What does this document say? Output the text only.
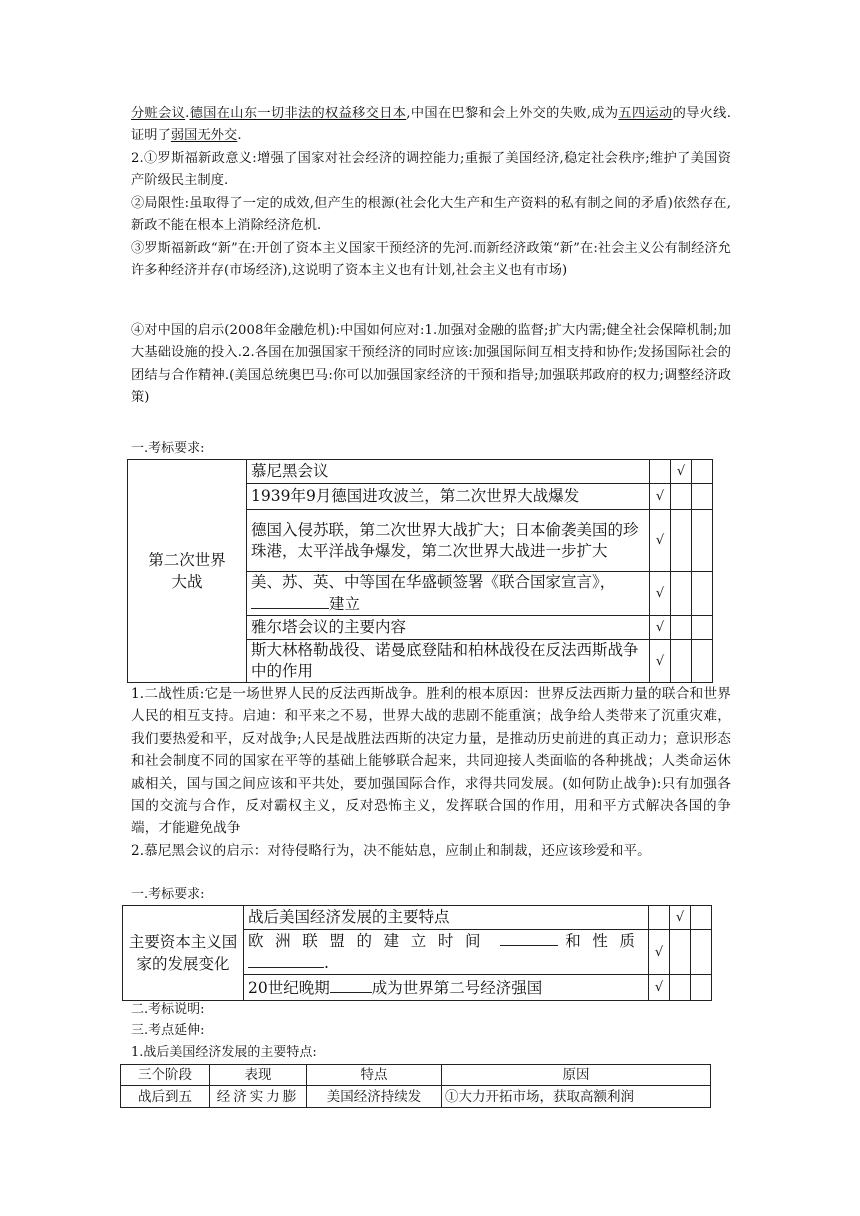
分赃会议.德国在山东一切非法的权益移交日本,中国在巴黎和会上外交的失败,成为五四运动的导火线.证明了弱国无外交.

2.①罗斯福新政意义:增强了国家对社会经济的调控能力;重振了美国经济,稳定社会秩序;维护了美国资产阶级民主制度.

②局限性:虽取得了一定的成效,但产生的根源(社会化大生产和生产资料的私有制之间的矛盾)依然存在,新政不能在根本上消除经济危机.

③罗斯福新政“新”在:开创了资本主义国家干预经济的先河.而新经济政策“新”在:社会主义公有制经济允许多种经济并存(市场经济),这说明了资本主义也有计划,社会主义也有市场)

④对中国的启示(2008年金融危机):中国如何应对:1.加强对金融的监督;扩大内需;健全社会保障机制;加大基础设施的投入.2.各国在加强国家干预经济的同时应该:加强国际间互相支持和协作;发扬国际社会的团结与合作精神.(美国总统奥巴马:你可以加强国家经济的干预和指导;加强联邦政府的权力;调整经济政策)

一.考标要求:
第二次世界大战	慕尼黑会议		√	
	1939年9月德国进攻波兰，第二次世界大战爆发	√		
	德国入侵苏联，第二次世界大战扩大；日本偷袭美国的珍珠港，太平洋战争爆发，第二次世界大战进一步扩大	√		
	美、苏、英、中等国在华盛顿签署《联合国家宣言》，
建立	√		
	雅尔塔会议的主要内容	√		
	斯大林格勒战役、诺曼底登陆和柏林战役在反法西斯战争中的作用	√		

1.二战性质:它是一场世界人民的反法西斯战争。胜利的根本原因：世界反法西斯力量的联合和世界人民的相互支持。启迪：和平来之不易，世界大战的悲剧不能重演；战争给人类带来了沉重灾难，我们要热爱和平，反对战争;人民是战胜法西斯的决定力量，是推动历史前进的真正动力；意识形态和社会制度不同的国家在平等的基础上能够联合起来，共同迎接人类面临的各种挑战；人类命运休戚相关，国与国之间应该和平共处，要加强国际合作，求得共同发展。(如何防止战争):只有加强各国的交流与合作，反对霸权主义，反对恐怖主义，发挥联合国的作用，用和平方式解决各国的争端，才能避免战争

2.慕尼黑会议的启示：对待侵略行为，决不能姑息，应制止和制裁，还应该珍爱和平。

一.考标要求:
主要资本主义国家的发展变化	战后美国经济发展的主要特点		√	

	欧洲联盟的建立时间 和性质
.	√		
	20世纪晚期 成为世界第二号经济强国	√		
二.考标说明:
三.考点延伸:
1.战后美国经济发展的主要特点:
三个阶段	表现	特点	原因
战后到五	经济实力膨	美国经济持续发	①大力开拓市场，获取高额利润
